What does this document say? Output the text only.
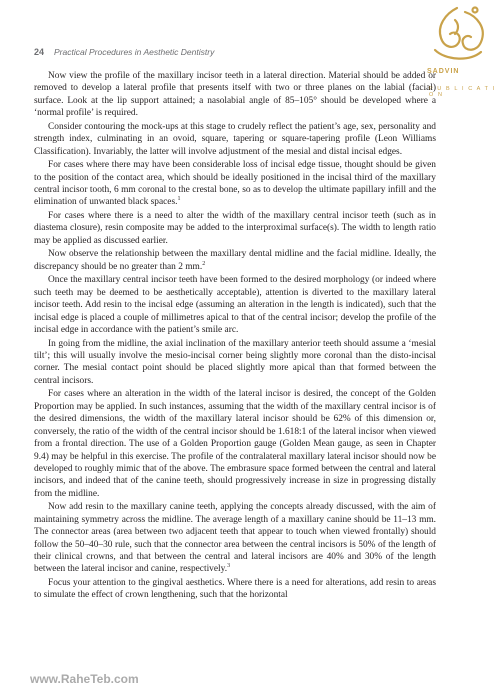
24 Practical Procedures in Aesthetic Dentistry
SADVIN
P U B L I C A T I O N

Now view the profile of the maxillary incisor teeth in a lateral direction. Material should be added or removed to develop a lateral profile that presents itself with two or three planes on the labial (facial) surface. Look at the lip support attained; a nasolabial angle of 85–105° should be developed where a ‘normal profile’ is required.

Consider contouring the mock-ups at this stage to crudely reflect the patient’s age, sex, personality and strength index, culminating in an ovoid, square, tapering or square-tapering profile (Leon Williams Classification). Invariably, the latter will involve adjustment of the mesial and distal incisal edges.

For cases where there may have been considerable loss of incisal edge tissue, thought should be given to the position of the contact area, which should be ideally positioned in the incisal third of the maxillary central incisor tooth, 6 mm coronal to the crestal bone, so as to develop the ultimate papillary infill and the elimination of unwanted black spaces.$^1$

For cases where there is a need to alter the width of the maxillary central incisor teeth (such as in diastema closure), resin composite may be added to the interproximal surface(s). The width to length ratio may be applied as discussed earlier.

Now observe the relationship between the maxillary dental midline and the facial midline. Ideally, the discrepancy should be no greater than 2 mm.$^2$

Once the maxillary central incisor teeth have been formed to the desired morphology (or indeed where such teeth may be deemed to be aesthetically acceptable), attention is diverted to the maxillary lateral incisor teeth. Add resin to the incisal edge (assuming an alteration in the length is indicated), such that the incisal edge is placed a couple of millimetres apical to that of the central incisor; develop the profile of the incisal edge in accordance with the patient’s smile arc.

In going from the midline, the axial inclination of the maxillary anterior teeth should assume a ‘mesial tilt’; this will usually involve the mesio-incisal corner being slightly more coronal than the disto-incisal corner. The mesial contact point should be placed slightly more apical than that formed between the central incisors.

For cases where an alteration in the width of the lateral incisor is desired, the concept of the Golden Proportion may be applied. In such instances, assuming that the width of the maxillary central incisor is of the desired dimensions, the width of the maxillary lateral incisor should be 62% of this dimension or, conversely, the ratio of the width of the central incisor should be 1.618:1 of the lateral incisor when viewed from a frontal direction. The use of a Golden Proportion gauge (Golden Mean gauge, as seen in Chapter 9.4) may be helpful in this exercise. The profile of the contralateral maxillary lateral incisor should now be developed to roughly mimic that of the above. The embrasure space formed between the central and lateral incisors, and indeed that of the canine teeth, should progressively increase in size in progressing distally from the midline.

Now add resin to the maxillary canine teeth, applying the concepts already discussed, with the aim of maintaining symmetry across the midline. The average length of a maxillary canine should be 11–13 mm. The connector areas (area between two adjacent teeth that appear to touch when viewed frontally) should follow the 50–40–30 rule, such that the connector area between the central incisors is 50% of the length of their clinical crowns, and that between the central and lateral incisors are 40% and 30% of the length between the lateral incisor and canine, respectively.$^3$

Focus your attention to the gingival aesthetics. Where there is a need for alterations, add resin to areas to simulate the effect of crown lengthening, such that the horizontal

www.RaheTeb.com
